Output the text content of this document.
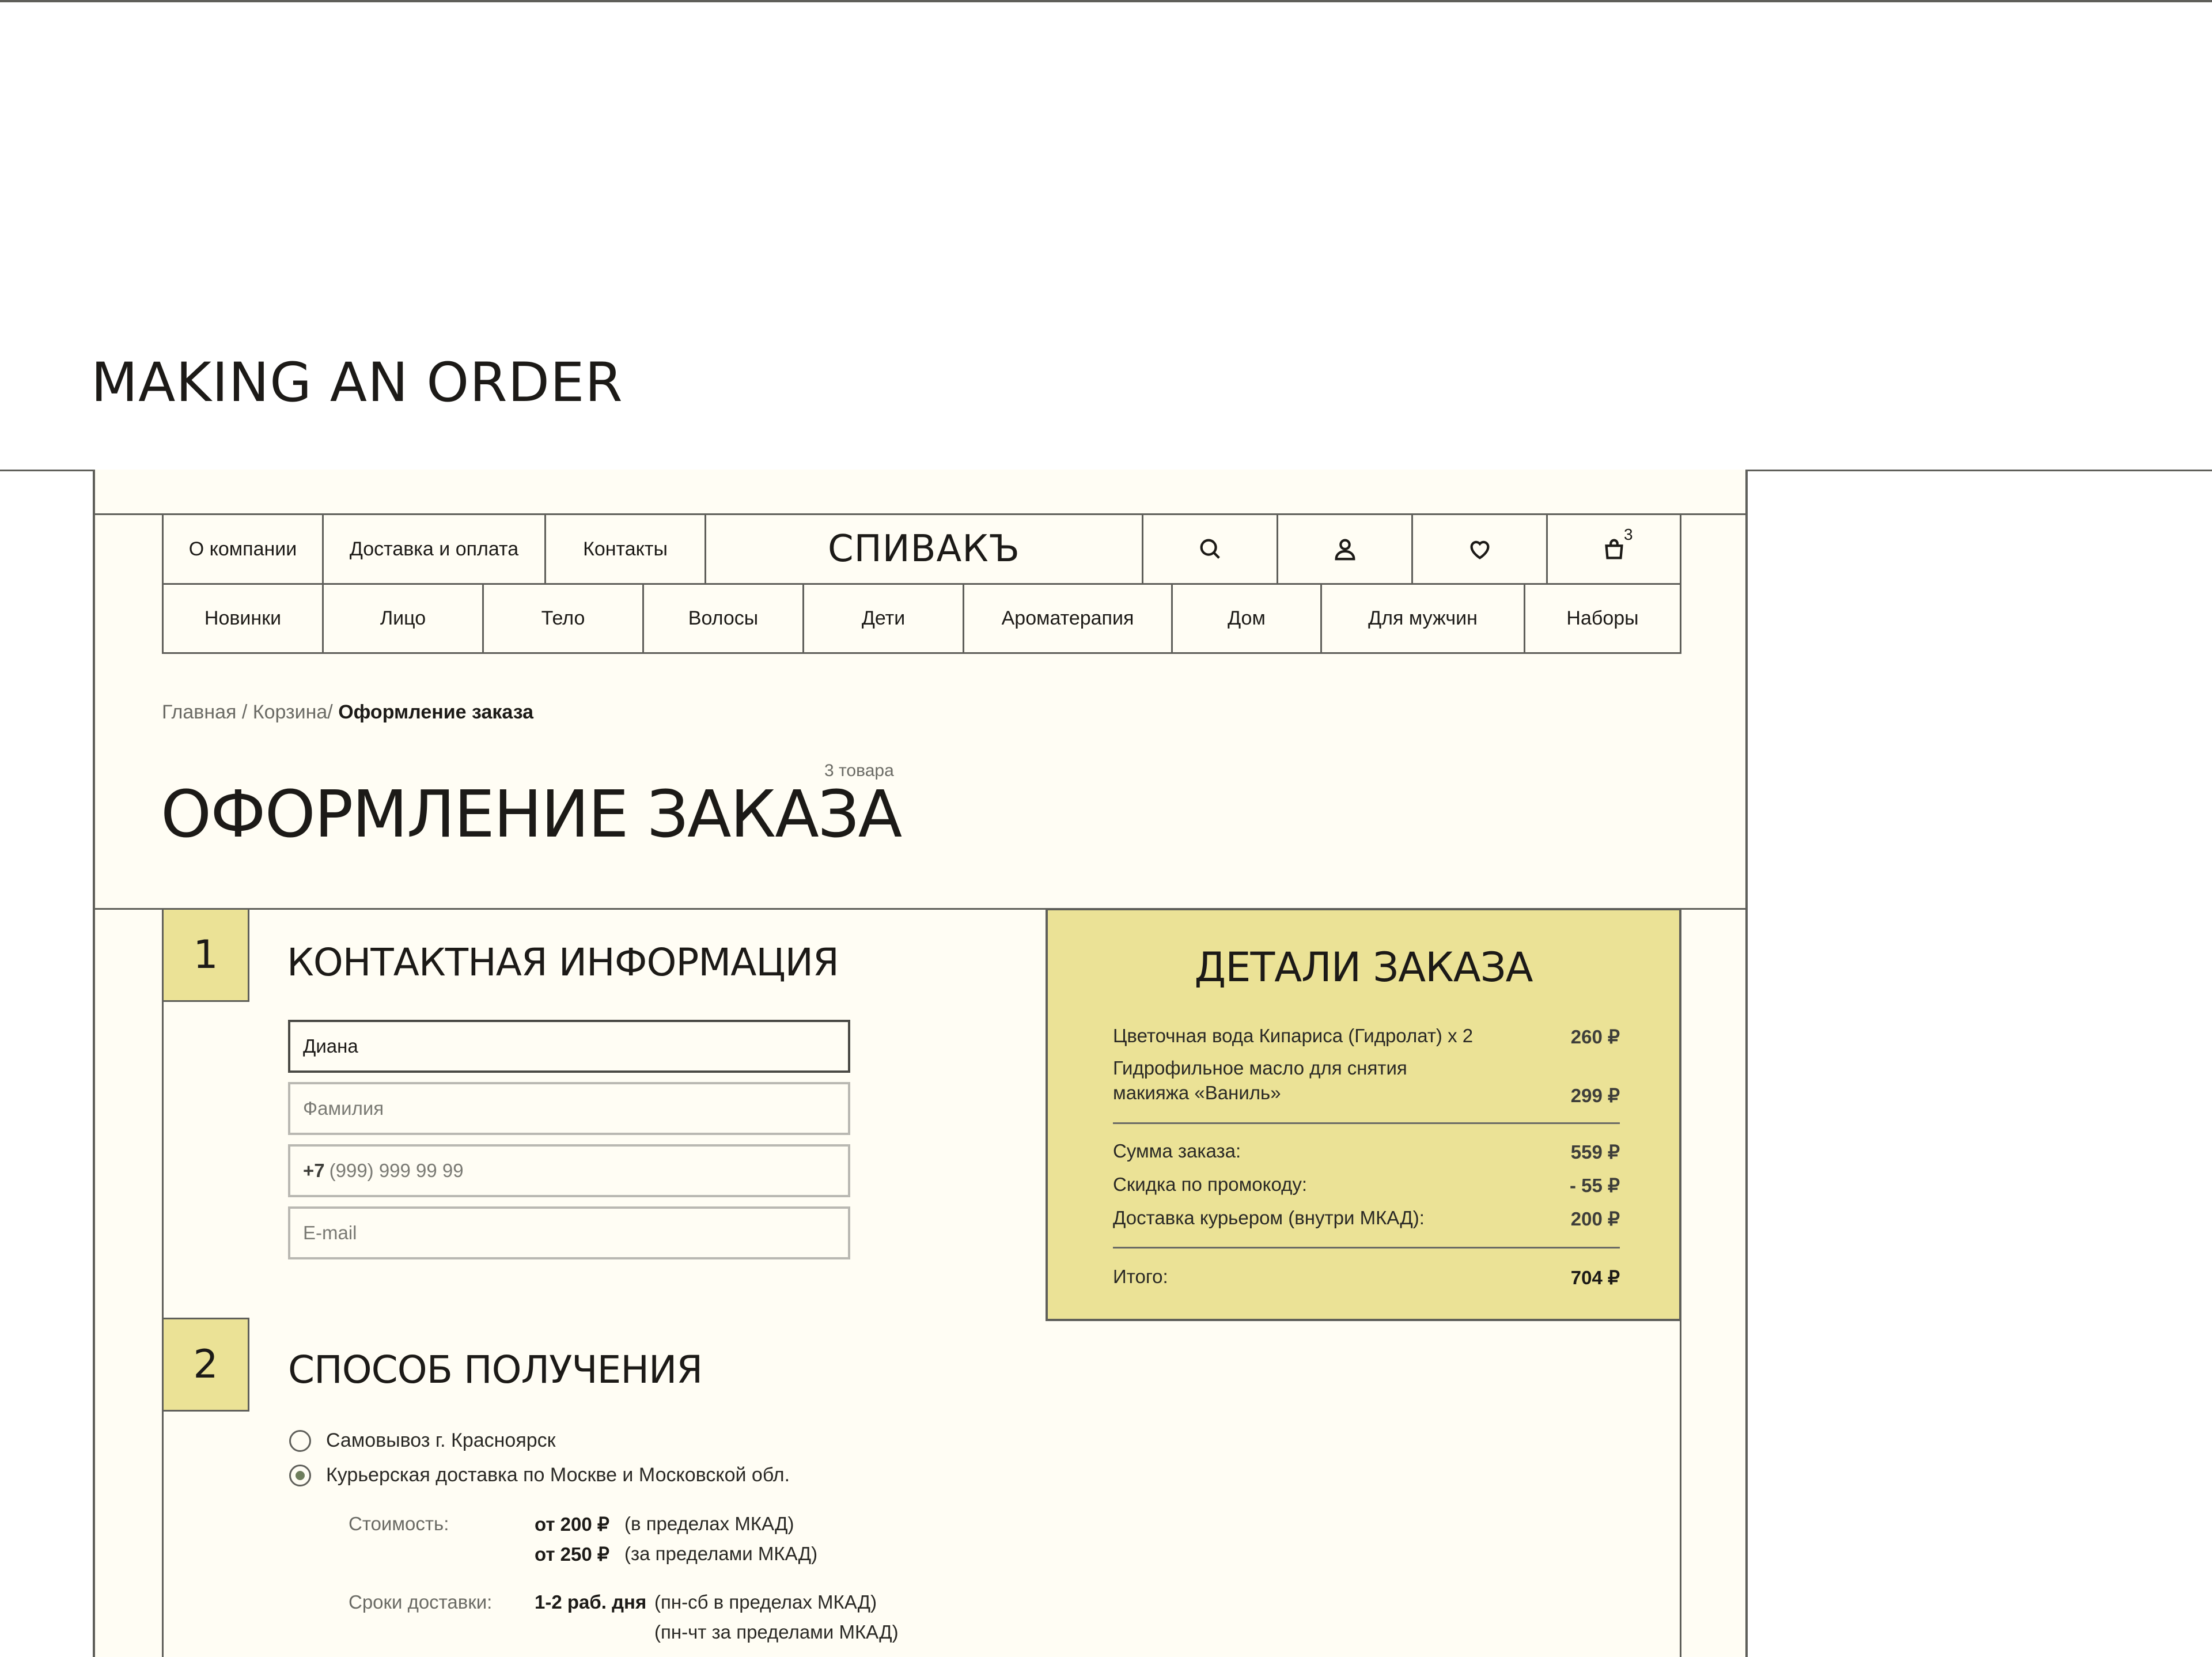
MAKING AN ORDER
О компании	Доставка и оплата	Контакты	СПИВАКЪ	3
Новинки	Лицо	Тело	Волосы	Дети	Ароматерапия	Дом	Для мужчин	Наборы
Главная / Корзина/ Оформление заказа
ОФОРМЛЕНИЕ ЗАКАЗА
3 товара
1	КОНТАКТНАЯ ИНФОРМАЦИЯ
Диана
Фамилия
+7 (999) 999 99 99
E-mail
ДЕТАЛИ ЗАКАЗА
Цветочная вода Кипариса (Гидролат) х 2	260 ₽
Гидрофильное масло для снятия
макияжа «Ваниль»	299 ₽
Сумма заказа:	559 ₽
Скидка по промокоду:	- 55 ₽
Доставка курьером (внутри МКАД):	200 ₽
Итого:	704 ₽
2	СПОСОБ ПОЛУЧЕНИЯ
Самовывоз г. Красноярск
Курьерская доставка по Москве и Московской обл.
Стоимость:	от 200 ₽ (в пределах МКАД)
от 250 ₽ (за пределами МКАД)
Сроки доставки: 1-2 раб. дня (пн-сб в пределах МКАД)
(пн-чт за пределами МКАД)
